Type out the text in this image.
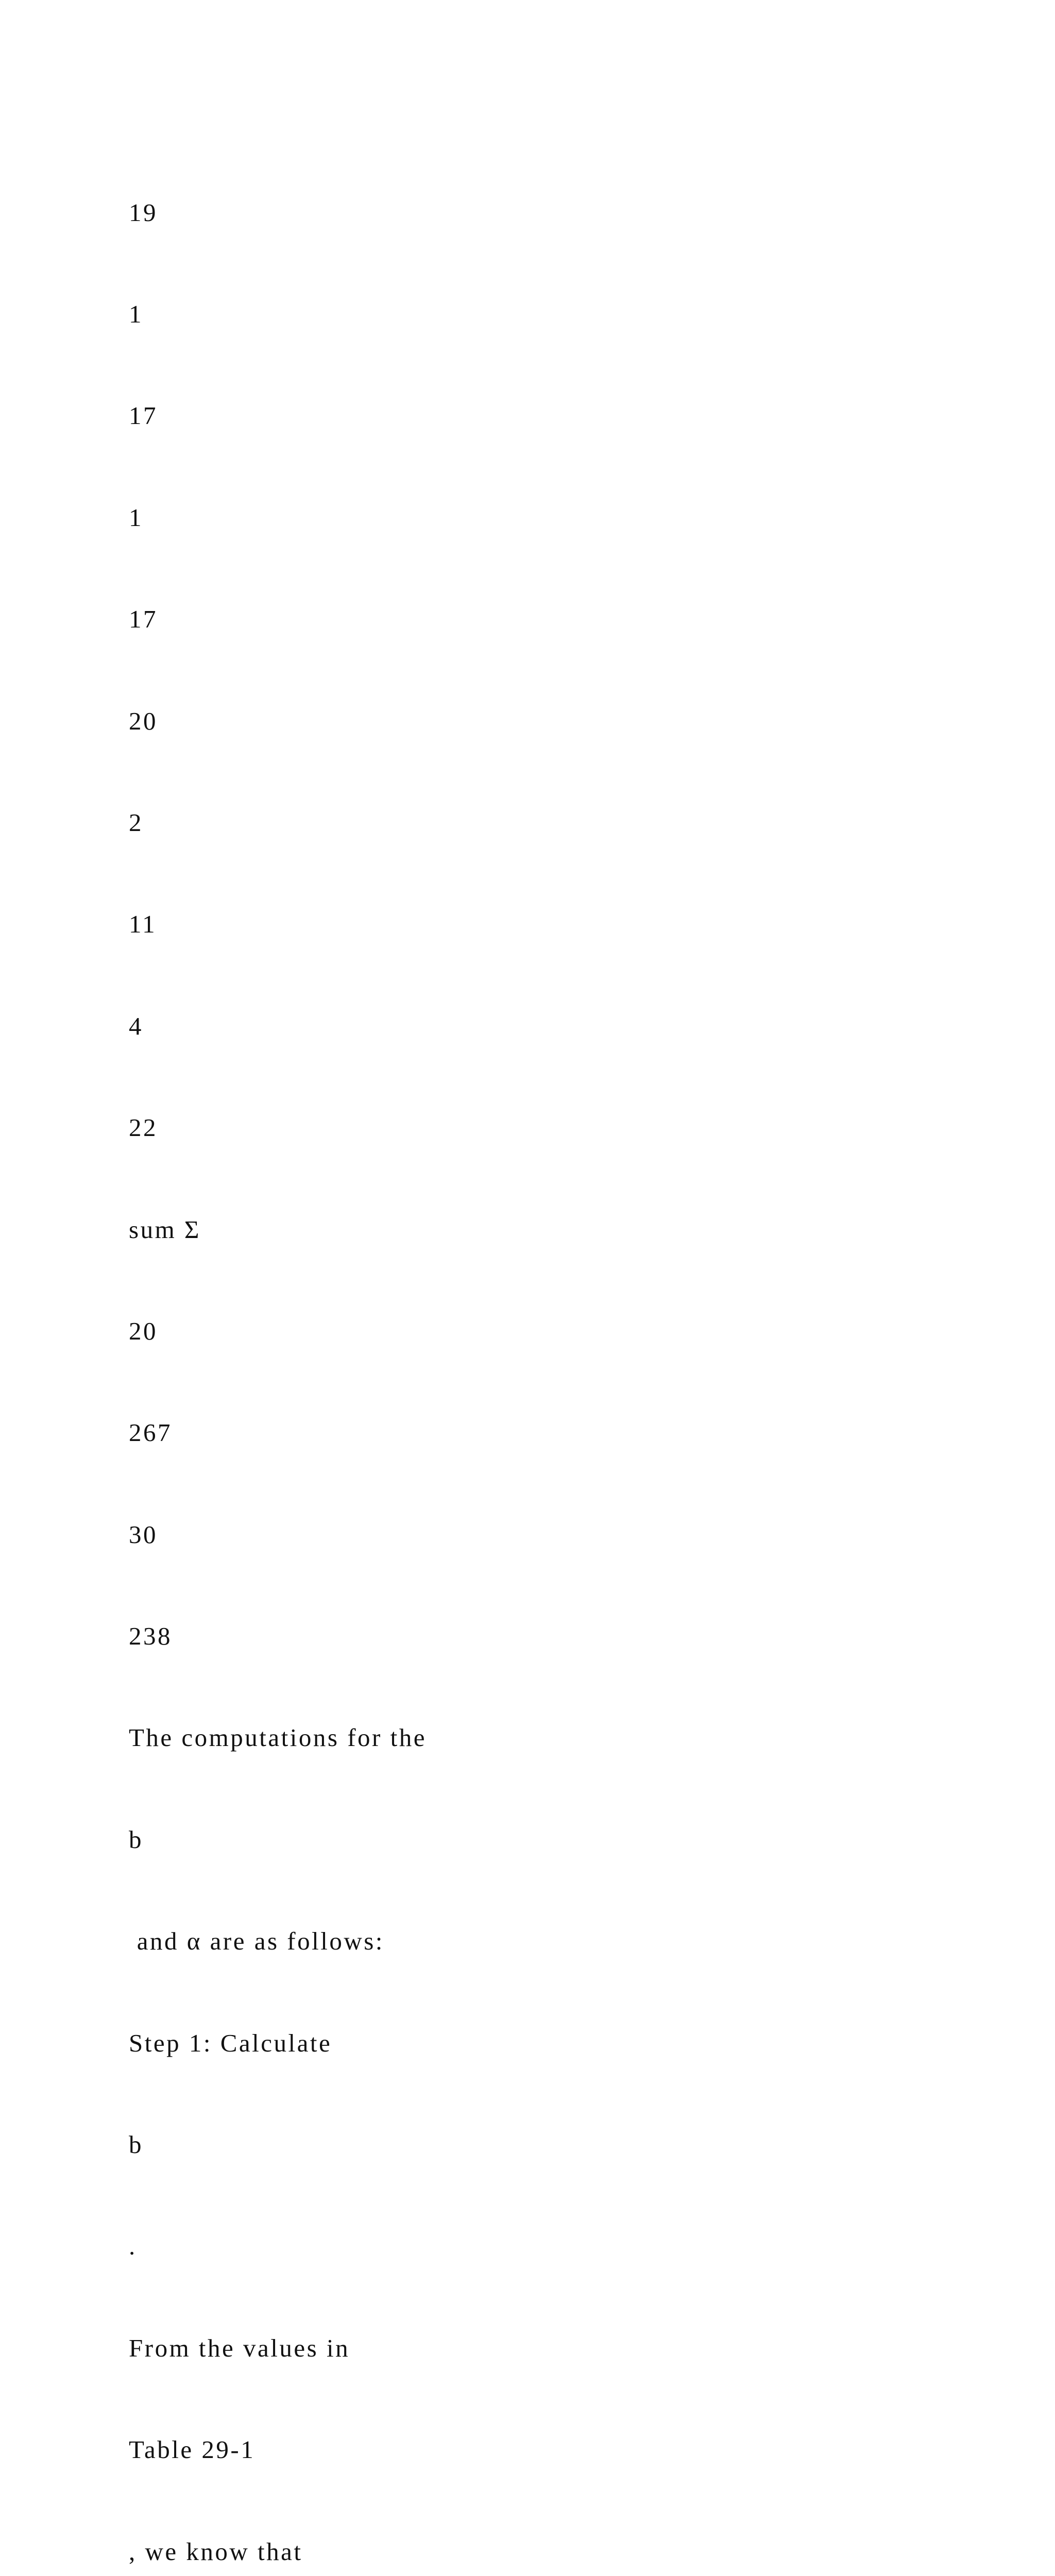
19

1

17

1

17

20

2

11

4

22

sum Σ

20

267

30

238

The computations for the

b

and α are as follows:

Step 1: Calculate

b

.

From the values in

Table 29-1

, we know that
